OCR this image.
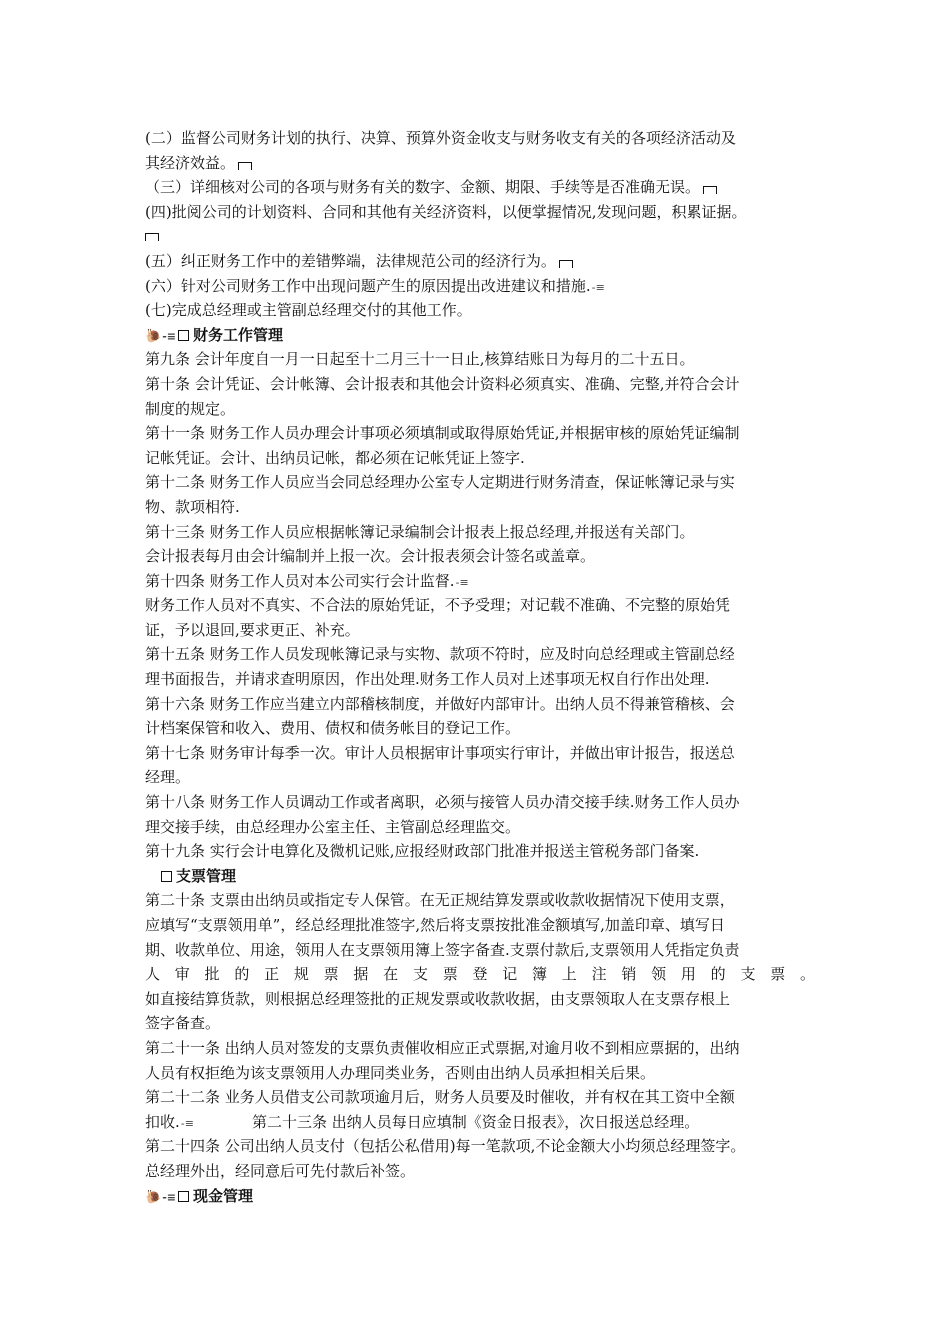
(二）监督公司财务计划的执行、决算、预算外资金收支与财务收支有关的各项经济活动及
其经济效益。
（三）详细核对公司的各项与财务有关的数字、金额、期限、手续等是否准确无误。
(四)批阅公司的计划资料、合同和其他有关经济资料，以便掌握情况,发现问题，积累证据。
(五）纠正财务工作中的差错弊端，法律规范公司的经济行为。
(六）针对公司财务工作中出现问题产生的原因提出改进建议和措施.-≡
(七)完成总经理或主管副总经理交付的其他工作。
🐌-≡ 财务工作管理
第九条 会计年度自一月一日起至十二月三十一日止,核算结账日为每月的二十五日。
第十条 会计凭证、会计帐簿、会计报表和其他会计资料必须真实、准确、完整,并符合会计
制度的规定。
第十一条 财务工作人员办理会计事项必须填制或取得原始凭证,并根据审核的原始凭证编制
记帐凭证。会计、出纳员记帐，都必须在记帐凭证上签字.
第十二条 财务工作人员应当会同总经理办公室专人定期进行财务清查，保证帐簿记录与实
物、款项相符.
第十三条 财务工作人员应根据帐簿记录编制会计报表上报总经理,并报送有关部门。
会计报表每月由会计编制并上报一次。会计报表须会计签名或盖章。
第十四条 财务工作人员对本公司实行会计监督.-≡
财务工作人员对不真实、不合法的原始凭证，不予受理；对记载不准确、不完整的原始凭
证，予以退回,要求更正、补充。
第十五条 财务工作人员发现帐簿记录与实物、款项不符时，应及时向总经理或主管副总经
理书面报告，并请求查明原因，作出处理.财务工作人员对上述事项无权自行作出处理.
第十六条 财务工作应当建立内部稽核制度，并做好内部审计。出纳人员不得兼管稽核、会
计档案保管和收入、费用、债权和债务帐目的登记工作。
第十七条 财务审计每季一次。审计人员根据审计事项实行审计，并做出审计报告，报送总
经理。
第十八条 财务工作人员调动工作或者离职，必须与接管人员办清交接手续.财务工作人员办
理交接手续，由总经理办公室主任、主管副总经理监交。
第十九条 实行会计电算化及微机记账,应报经财政部门批准并报送主管税务部门备案.
支票管理
第二十条 支票由出纳员或指定专人保管。在无正规结算发票或收款收据情况下使用支票，
应填写“支票领用单”，经总经理批准签字,然后将支票按批准金额填写,加盖印章、填写日
期、收款单位、用途，领用人在支票领用簿上签字备查.支票付款后,支票领用人凭指定负责
人审批的正规票据在支票登记簿上注销领用的支票。
如直接结算货款，则根据总经理签批的正规发票或收款收据，由支票领取人在支票存根上
签字备查。
第二十一条 出纳人员对签发的支票负责催收相应正式票据,对逾月收不到相应票据的，出纳
人员有权拒绝为该支票领用人办理同类业务，否则由出纳人员承担相关后果。
第二十二条 业务人员借支公司款项逾月后，财务人员要及时催收，并有权在其工资中全额
扣收.-≡	第二十三条 出纳人员每日应填制《资金日报表》，次日报送总经理。
第二十四条 公司出纳人员支付（包括公私借用)每一笔款项,不论金额大小均须总经理签字。
总经理外出，经同意后可先付款后补签。
🐌-≡ 现金管理
